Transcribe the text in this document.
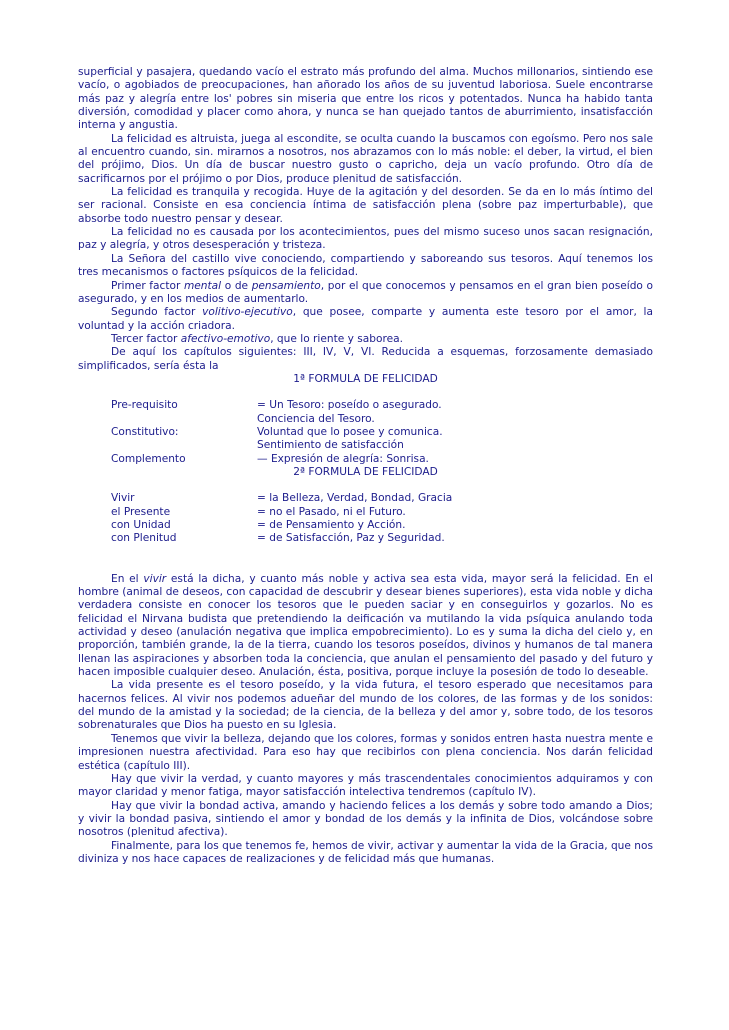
superficial y pasajera, quedando vacío el estrato más profundo del alma. Muchos millonarios, sintiendo ese vacío, o agobiados de preocupaciones, han añorado los años de su juventud laboriosa. Suele encontrarse más paz y alegría entre los' pobres sin miseria que entre los ricos y potentados. Nunca ha habido tanta diversión, comodidad y placer como ahora, y nunca se han quejado tantos de aburrimiento, insatisfacción interna y angustia.

La felicidad es altruista, juega al escondite, se oculta cuando la buscamos con egoísmo. Pero nos sale al encuentro cuando, sin. mirarnos a nosotros, nos abrazamos con lo más noble: el deber, la virtud, el bien del prójimo, Dios. Un día de buscar nuestro gusto o capricho, deja un vacío profundo. Otro día de sacrificarnos por el prójimo o por Dios, produce plenitud de satisfacción.

La felicidad es tranquila y recogida. Huye de la agitación y del desorden. Se da en lo más íntimo del ser racional. Consiste en esa conciencia íntima de satisfacción plena (sobre paz imperturbable), que absorbe todo nuestro pensar y desear.

La felicidad no es causada por los acontecimientos, pues del mismo suceso unos sacan resignación, paz y alegría, y otros desesperación y tristeza.

La Señora del castillo vive conociendo, compartiendo y saboreando sus tesoros. Aquí tenemos los tres mecanismos o factores psíquicos de la felicidad.

Primer factor mental o de pensamiento, por el que conocemos y pensamos en el gran bien poseído o asegurado, y en los medios de aumentarlo.

Segundo factor volitivo-ejecutivo, que posee, comparte y aumenta este tesoro por el amor, la voluntad y la acción criadora.

Tercer factor afectivo-emotivo, que lo riente y saborea.

De aquí los capítulos siguientes: III, IV, V, VI. Reducida a esquemas, forzosamente demasiado simplificados, sería ésta la

1ª FORMULA DE FELICIDAD

Pre-requisito	= Un Tesoro: poseído o asegurado.
Conciencia del Tesoro.
Constitutivo:	Voluntad que lo posee y comunica.
Sentimiento de satisfacción
Complemento	— Expresión de alegría: Sonrisa.

2ª FORMULA DE FELICIDAD

Vivir	= la Belleza, Verdad, Bondad, Gracia
el Presente	= no el Pasado, ni el Futuro.
con Unidad	= de Pensamiento y Acción.
con Plenitud	= de Satisfacción, Paz y Seguridad.

En el vivir está la dicha, y cuanto más noble y activa sea esta vida, mayor será la felicidad. En el hombre (animal de deseos, con capacidad de descubrir y desear bienes superiores), esta vida noble y dicha verdadera consiste en conocer los tesoros que le pueden saciar y en conseguirlos y gozarlos. No es felicidad el Nirvana budista que pretendiendo la deificación va mutilando la vida psíquica anulando toda actividad y deseo (anulación negativa que implica empobrecimiento). Lo es y suma la dicha del cielo y, en proporción, también grande, la de la tierra, cuando los tesoros poseídos, divinos y humanos de tal manera llenan las aspiraciones y absorben toda la conciencia, que anulan el pensamiento del pasado y del futuro y hacen imposible cualquier deseo. Anulación, ésta, positiva, porque incluye la posesión de todo lo deseable.

La vida presente es el tesoro poseído, y la vida futura, el tesoro esperado que necesitamos para hacernos felices. Al vivir nos podemos adueñar del mundo de los colores, de las formas y de los sonidos: del mundo de la amistad y la sociedad; de la ciencia, de la belleza y del amor y, sobre todo, de los tesoros sobrenaturales que Dios ha puesto en su Iglesia.

Tenemos que vivir la belleza, dejando que los colores, formas y sonidos entren hasta nuestra mente e impresionen nuestra afectividad. Para eso hay que recibirlos con plena conciencia. Nos darán felicidad estética (capítulo III).

Hay que vivir la verdad, y cuanto mayores y más trascendentales conocimientos adquiramos y con mayor claridad y menor fatiga, mayor satisfacción intelectiva tendremos (capítulo IV).

Hay que vivir la bondad activa, amando y haciendo felices a los demás y sobre todo amando a Dios; y vivir la bondad pasiva, sintiendo el amor y bondad de los demás y la infinita de Dios, volcándose sobre nosotros (plenitud afectiva).

Finalmente, para los que tenemos fe, hemos de vivir, activar y aumentar la vida de la Gracia, que nos diviniza y nos hace capaces de realizaciones y de felicidad más que humanas.
